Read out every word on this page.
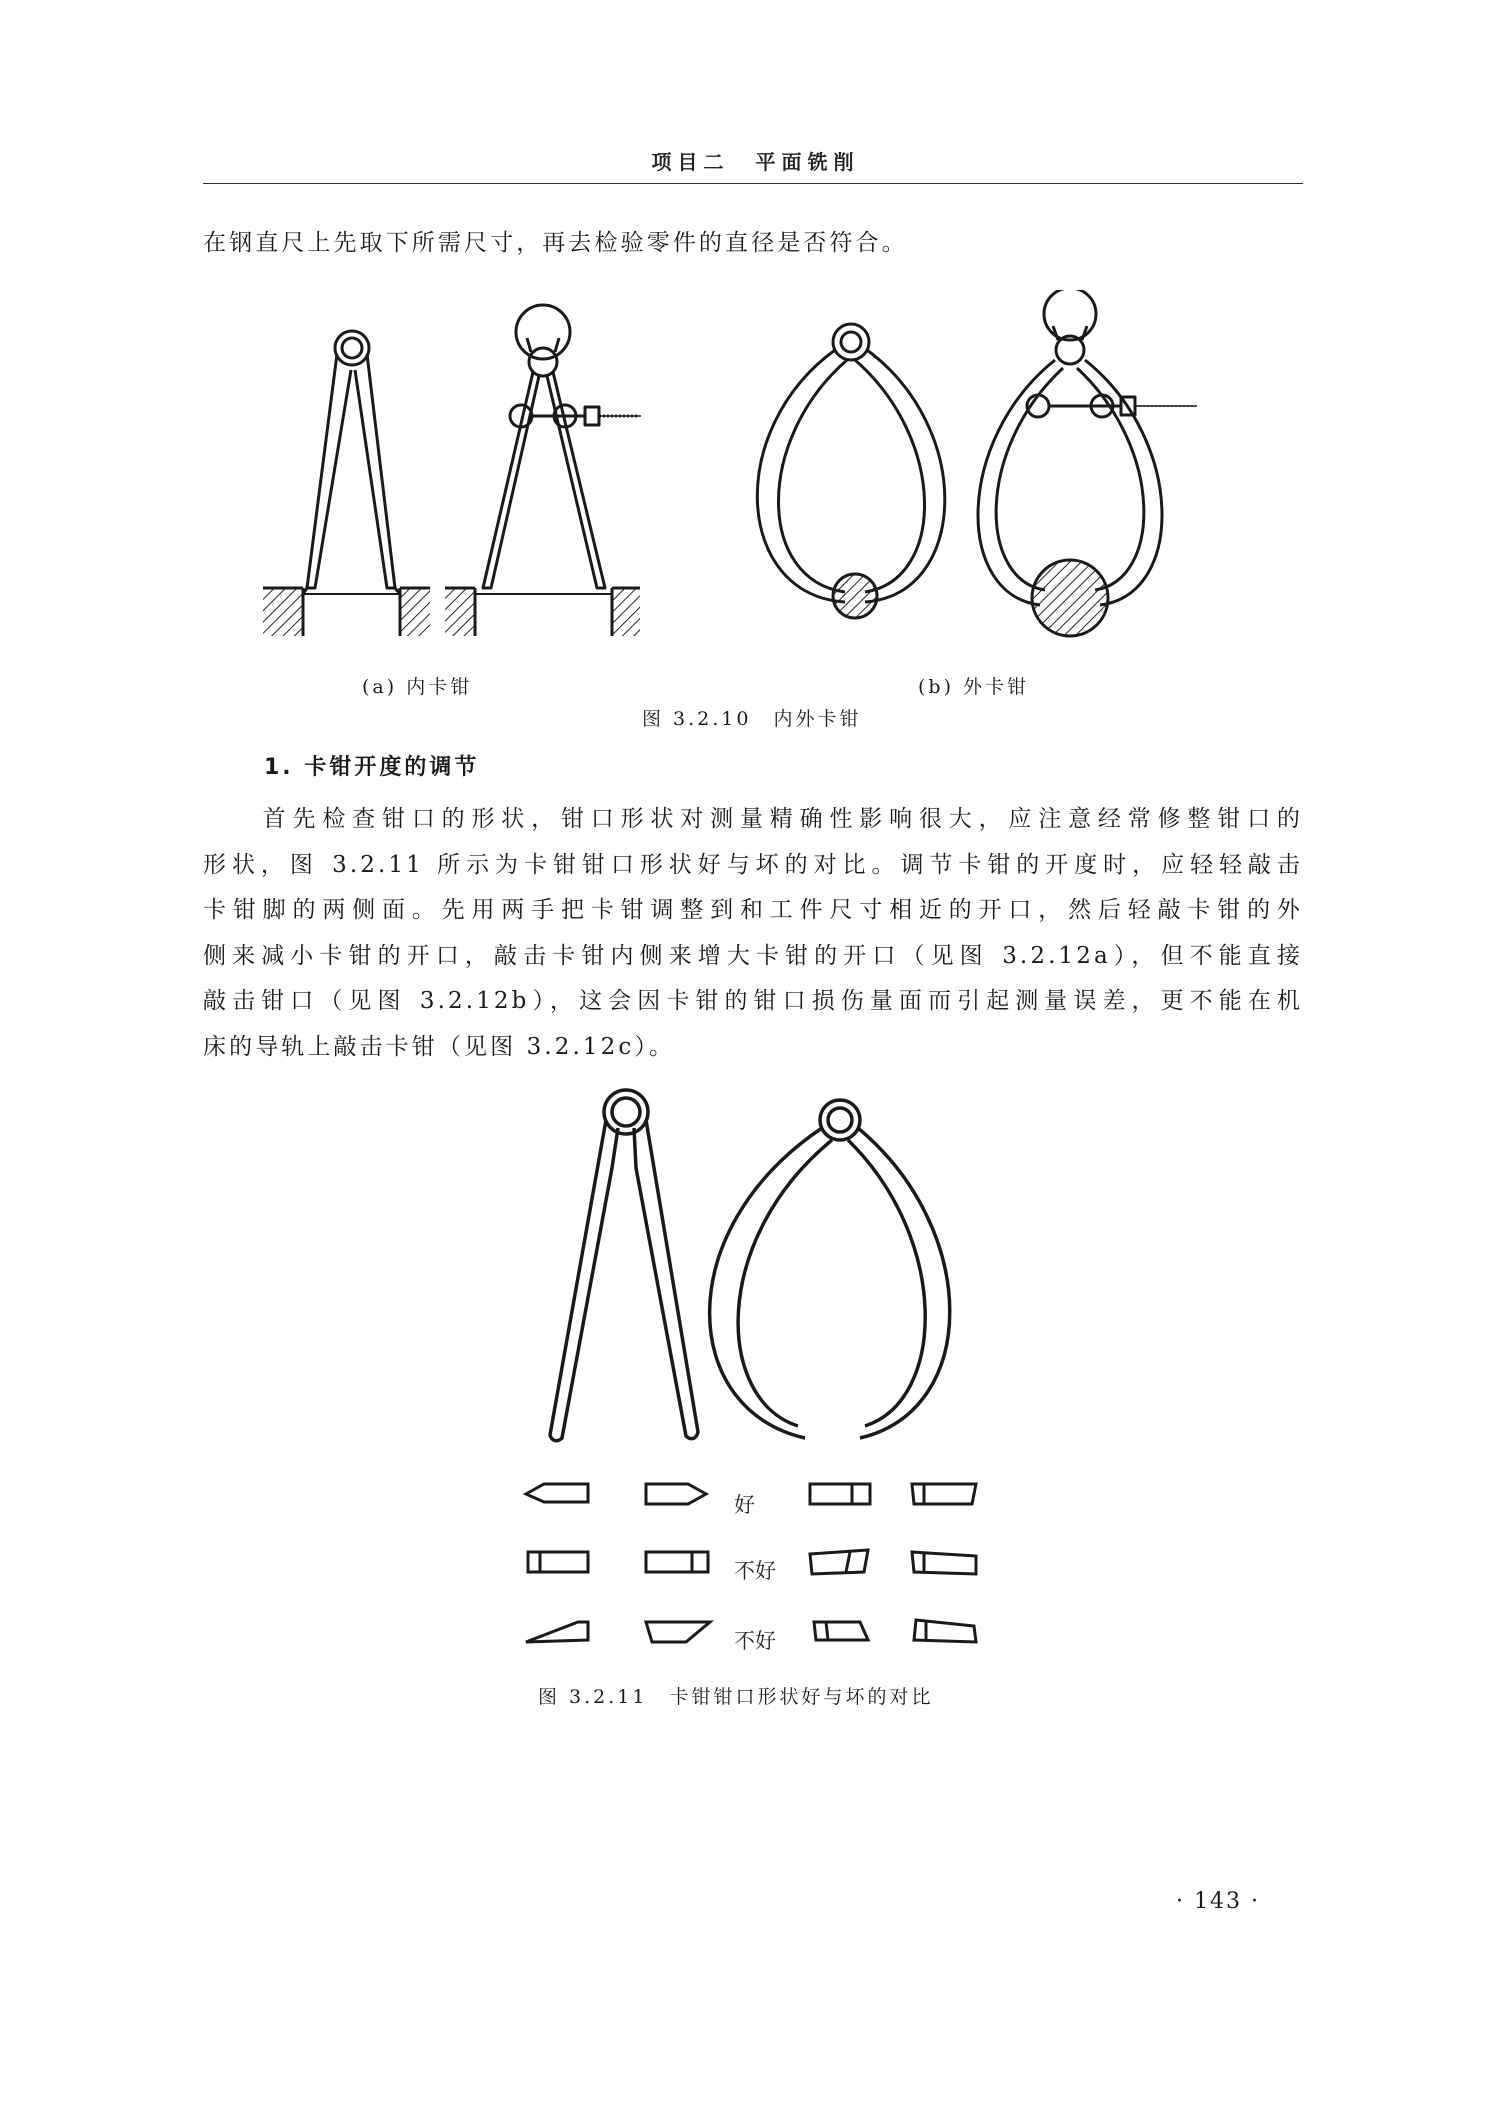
项目二　平面铣削
在钢直尺上先取下所需尺寸，再去检验零件的直径是否符合。
(a) 内卡钳	(b) 外卡钳
图 3.2.10　内外卡钳
1. 卡钳开度的调节
　　首先检查钳口的形状，钳口形状对测量精确性影响很大，应注意经常修整钳口的
形状，图 3.2.11 所示为卡钳钳口形状好与坏的对比。调节卡钳的开度时，应轻轻敲击
卡钳脚的两侧面。先用两手把卡钳调整到和工件尺寸相近的开口，然后轻敲卡钳的外
侧来减小卡钳的开口，敲击卡钳内侧来增大卡钳的开口（见图 3.2.12a），但不能直接
敲击钳口（见图 3.2.12b），这会因卡钳的钳口损伤量面而引起测量误差，更不能在机
床的导轨上敲击卡钳（见图 3.2.12c）。
好
不好
不好
图 3.2.11　卡钳钳口形状好与坏的对比
· 143 ·
